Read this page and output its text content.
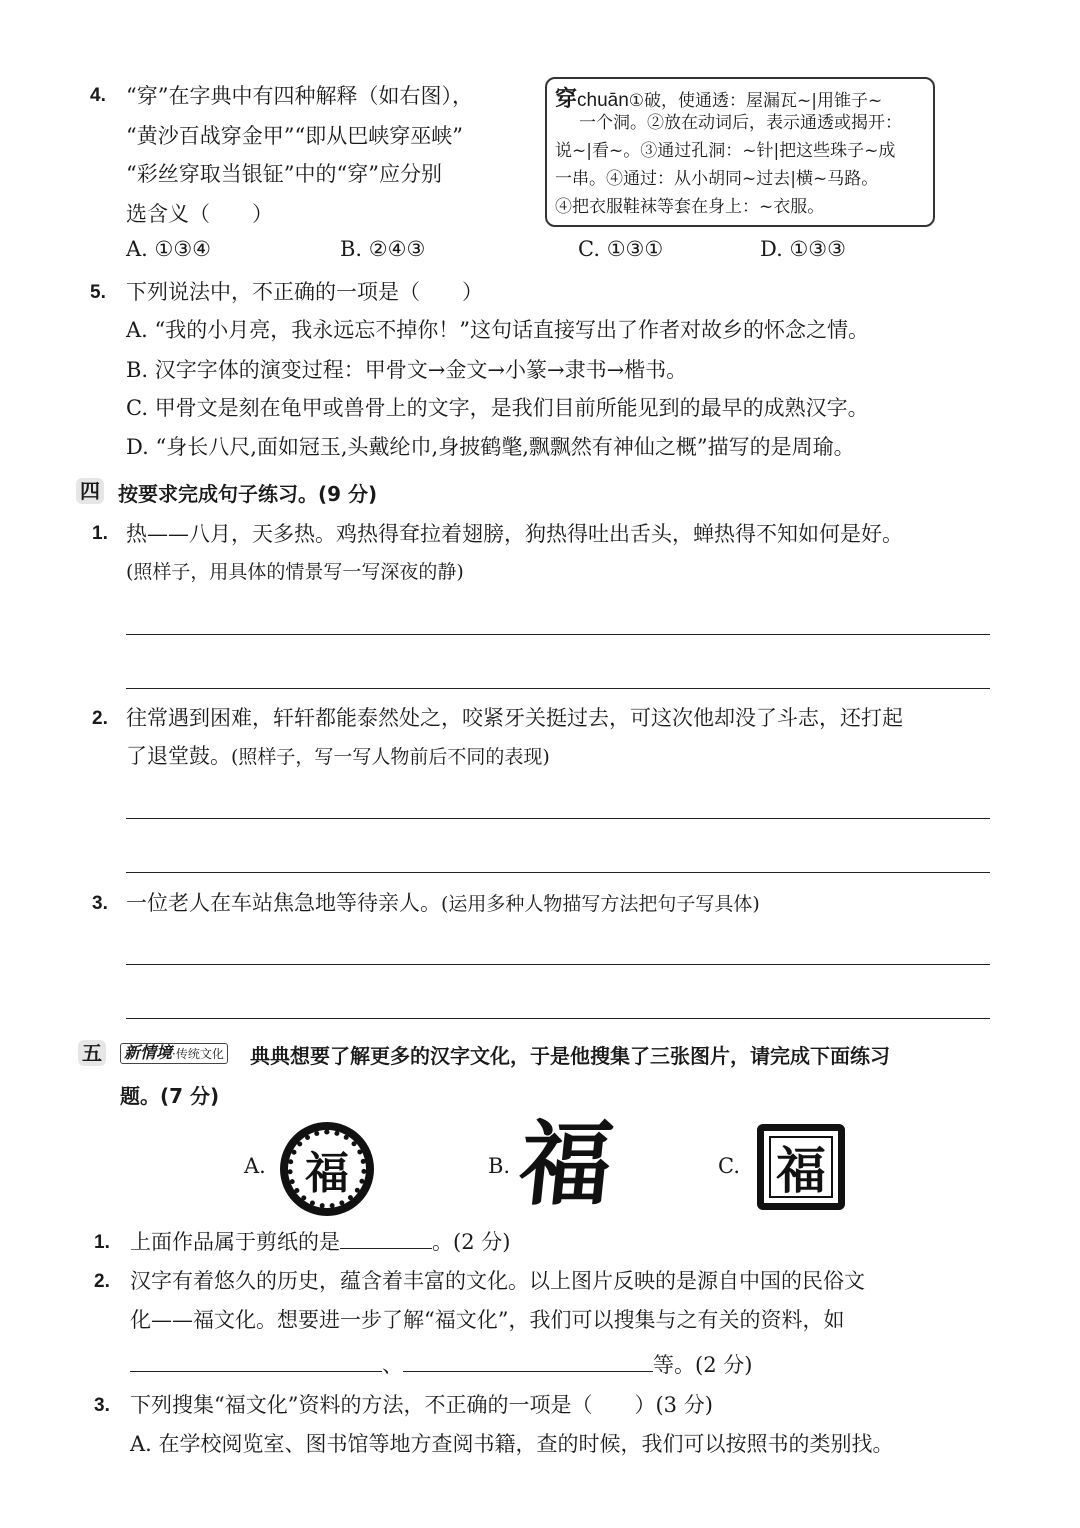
4. “穿”在字典中有四种解释（如右图），
“黄沙百战穿金甲”“即从巴峡穿巫峡”
“彩丝穿取当银钲”中的“穿”应分别
选含义（　　）
穿chuān①破，使通透：屋漏瓦~|用锥子~
一个洞。②放在动词后，表示通透或揭开：
说~|看~。③通过孔洞：~针|把这些珠子~成
一串。④通过：从小胡同~过去|横~马路。
④把衣服鞋袜等套在身上：~衣服。
A. ①③④	B. ②④③	C. ①③①	D. ①③③
5. 下列说法中，不正确的一项是（　　）
A. “我的小月亮，我永远忘不掉你！”这句话直接写出了作者对故乡的怀念之情。
B. 汉字字体的演变过程：甲骨文→金文→小篆→隶书→楷书。
C. 甲骨文是刻在龟甲或兽骨上的文字，是我们目前所能见到的最早的成熟汉字。
D. “身长八尺,面如冠玉,头戴纶巾,身披鹤氅,飘飘然有神仙之概”描写的是周瑜。
四 按要求完成句子练习。(9 分)
1. 热——八月，天多热。鸡热得耷拉着翅膀，狗热得吐出舌头，蝉热得不知如何是好。
(照样子，用具体的情景写一写深夜的静)
2. 往常遇到困难，轩轩都能泰然处之，咬紧牙关挺过去，可这次他却没了斗志，还打起
了退堂鼓。(照样子，写一写人物前后不同的表现)
3. 一位老人在车站焦急地等待亲人。(运用多种人物描写方法把句子写具体)
五 新情境·传统文化	典典想要了解更多的汉字文化，于是他搜集了三张图片，请完成下面练习
题。(7 分)
A. 福	B. 福	C. 福
1. 上面作品属于剪纸的是	。(2 分)
2. 汉字有着悠久的历史，蕴含着丰富的文化。以上图片反映的是源自中国的民俗文
化——福文化。想要进一步了解“福文化”，我们可以搜集与之有关的资料，如
、	等。(2 分)
3. 下列搜集“福文化”资料的方法，不正确的一项是（　　）(3 分)
A. 在学校阅览室、图书馆等地方查阅书籍，查的时候，我们可以按照书的类别找。
